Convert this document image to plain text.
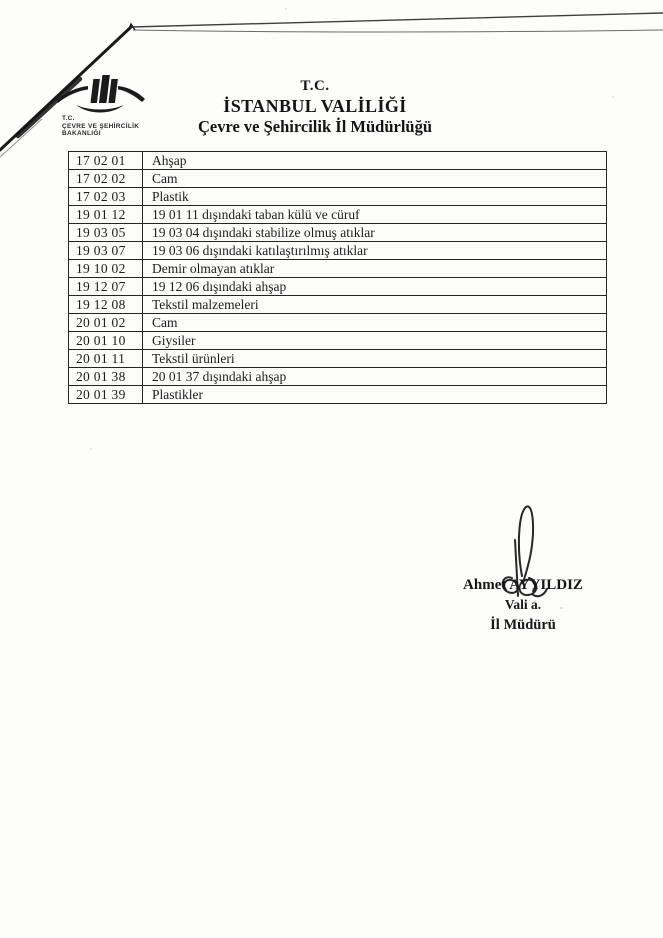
T.C.
ÇEVRE VE ŞEHİRCİLİK
BAKANLIĞI
T.C.
İSTANBUL VALİLİĞİ
Çevre ve Şehircilik İl Müdürlüğü
17 02 01	Ahşap
17 02 02	Cam
17 02 03	Plastik
19 01 12	19 01 11 dışındaki taban külü ve cüruf
19 03 05	19 03 04 dışındaki stabilize olmuş atıklar
19 03 07	19 03 06 dışındaki katılaştırılmış atıklar
19 10 02	Demir olmayan atıklar
19 12 07	19 12 06 dışındaki ahşap
19 12 08	Tekstil malzemeleri
20 01 02	Cam
20 01 10	Giysiler
20 01 11	Tekstil ürünleri
20 01 38	20 01 37 dışındaki ahşap
20 01 39	Plastikler
Ahmet AYYILDIZ
Vali a.
İl Müdürü
